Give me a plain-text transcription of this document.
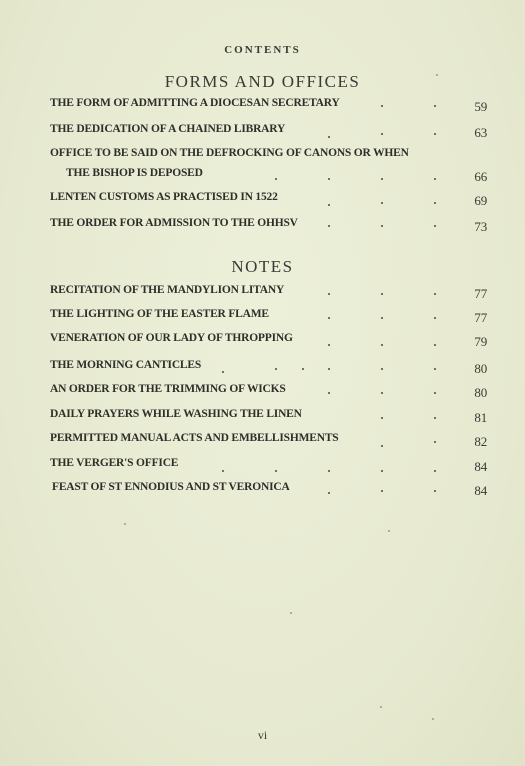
CONTENTS
FORMS AND OFFICES
THE FORM OF ADMITTING A DIOCESAN SECRETARY	59
THE DEDICATION OF A CHAINED LIBRARY	63
OFFICE TO BE SAID ON THE DEFROCKING OF CANONS OR WHEN
THE BISHOP IS DEPOSED	66
LENTEN CUSTOMS AS PRACTISED IN 1522	69
THE ORDER FOR ADMISSION TO THE OHHSV	73
NOTES
RECITATION OF THE MANDYLION LITANY	77
THE LIGHTING OF THE EASTER FLAME	77
VENERATION OF OUR LADY OF THROPPING	79
THE MORNING CANTICLES	80
AN ORDER FOR THE TRIMMING OF WICKS	80
DAILY PRAYERS WHILE WASHING THE LINEN	81
PERMITTED MANUAL ACTS AND EMBELLISHMENTS	82
THE VERGER'S OFFICE	84
FEAST OF ST ENNODIUS AND ST VERONICA	84
vi
